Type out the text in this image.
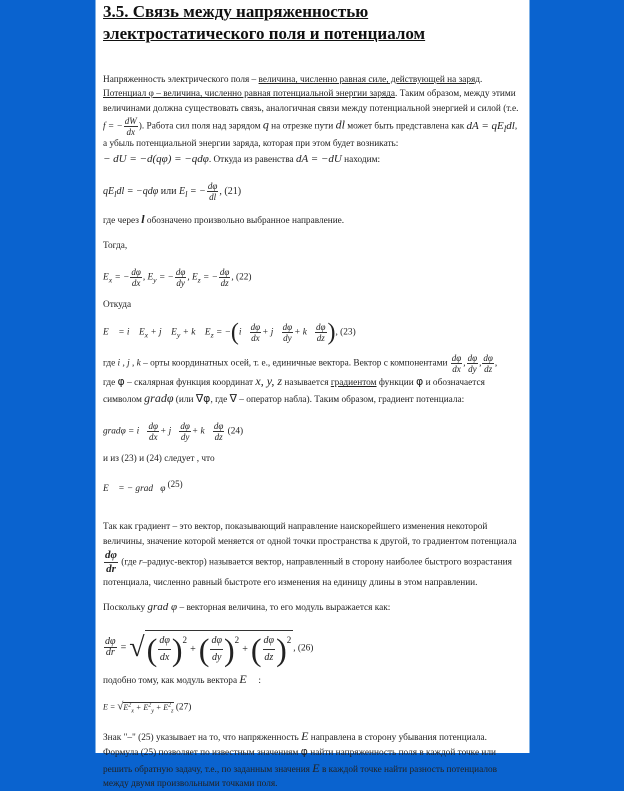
3.5. Связь между напряженностью электростатического поля и потенциалом

Напряженность электрического поля – величина, численно равная силе, действующей на заряд.
Потенциал φ – величина, численно равная потенциальной энергии заряда. Таким образом, между этими величинами должна существовать связь, аналогичная связи между потенциальной энергией и силой (т.е. f = − $\frac{dW}{dx}$ ). Работа сил поля над зарядом q на отрезке пути dl может быть представлена как dA = $qE_ldl$, а убыль потенциальной энергии заряда, которая при этом будет возникать:
− dU = −d(qφ) = −qdφ. Откуда из равенства dA = −dU находим:

$qE_ldl = -qd\varphi$ или $E_l$ = − $\frac{d\varphi}{dl}$ , (21)

где через l обозначено произвольно выбранное направление.

Тогда,

$E_x$ = − $\frac{d\varphi}{dx}$ , $E_y$ = − $\frac{d\varphi}{dy}$ , $E_z$ = − $\frac{d\varphi}{dz}$ , (22)

Откуда

E⃗ = i⃗ $E_x$ + j⃗ $E_y$ + k⃗ $E_z$ = −(i⃗ $\frac{d\varphi}{dx}$ + j⃗ $\frac{d\varphi}{dy}$ + k⃗ $\frac{d\varphi}{dz}$ ), (23)

где i , j , k – орты координатных осей, т. е., единичные вектора. Вектор с компонентами $\frac{d\varphi}{dx}$ , $\frac{d\varphi}{dy}$ , $\frac{d\varphi}{dz}$ ,
где φ – скалярная функция координат x, y, z называется градиентом функции φ и обозначается символом gradφ (или ∇φ, где ∇ – оператор набла). Таким образом, градиент потенциала:

gradφ = i⃗ $\frac{d\varphi}{dx}$ + j⃗ $\frac{d\varphi}{dy}$ + k⃗ $\frac{d\varphi}{dz} (24)$

и из (23) и (24) следует , что

E⃗ = − grad⃗φ (25)

Так как градиент – это вектор, показывающий направление наискорейшего изменения некоторой величины, значение которой меняется от одной точки пространства к другой, то градиентом потенциала
$\frac{d\varphi}{dr} (где$ r–радиус-вектор) называется вектор, направленный в сторону наиболее быстрого возрастания потенциала, численно равный быстроте его изменения на единицу длины в этом направлении.

Поскольку grad φ – векторная величина, то его модуль выражается как:

$\frac{d\varphi}{dr}$ = √( $\frac{d\varphi}{dx} )^2$ + ( $\frac{d\varphi}{dy} )^2$ + ( $\frac{d\varphi}{dz} )^2$, (26)

подобно тому, как модуль вектора E⃗ :

$E = √E^2_x + E^2_y + E^2_z$ (27)

Знак "–" (25) указывает на то, что напряженность E направлена в сторону убывания потенциала. Формула (25) позволяет по известным значениям φ найти напряженность поля в каждой точке или решить обратную задачу, т.е., по заданным значения E в каждой точке найти разность потенциалов между двумя произвольными точками поля.
